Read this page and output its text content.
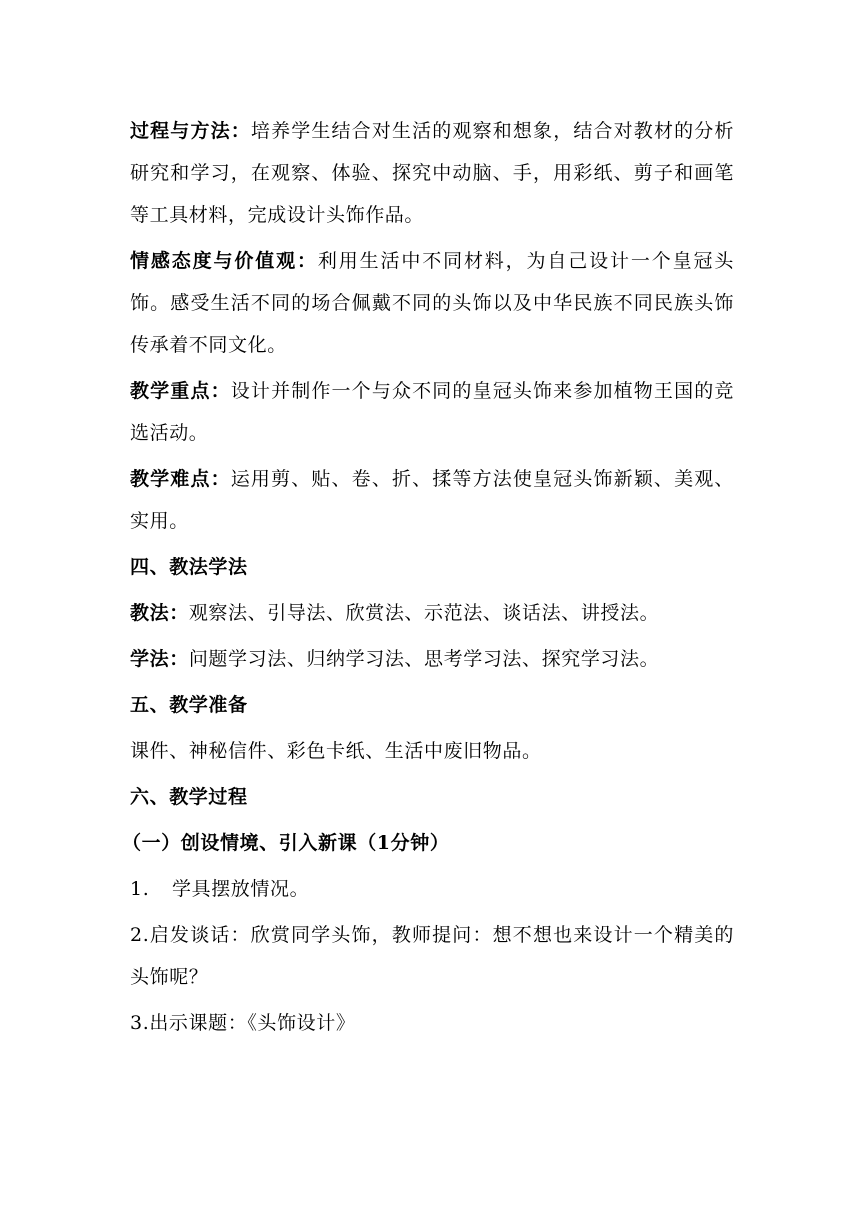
过程与方法：培养学生结合对生活的观察和想象，结合对教材的分析研究和学习，在观察、体验、探究中动脑、手，用彩纸、剪子和画笔等工具材料，完成设计头饰作品。

情感态度与价值观：利用生活中不同材料，为自己设计一个皇冠头饰。感受生活不同的场合佩戴不同的头饰以及中华民族不同民族头饰传承着不同文化。

教学重点：设计并制作一个与众不同的皇冠头饰来参加植物王国的竞选活动。

教学难点：运用剪、贴、卷、折、揉等方法使皇冠头饰新颖、美观、实用。

四、教法学法

教法：观察法、引导法、欣赏法、示范法、谈话法、讲授法。

学法：问题学习法、归纳学习法、思考学习法、探究学习法。

五、教学准备

课件、神秘信件、彩色卡纸、生活中废旧物品。

六、教学过程

（一）创设情境、引入新课（1分钟）

1. 学具摆放情况。

2.启发谈话：欣赏同学头饰，教师提问：想不想也来设计一个精美的头饰呢？

3.出示课题：《头饰设计》
